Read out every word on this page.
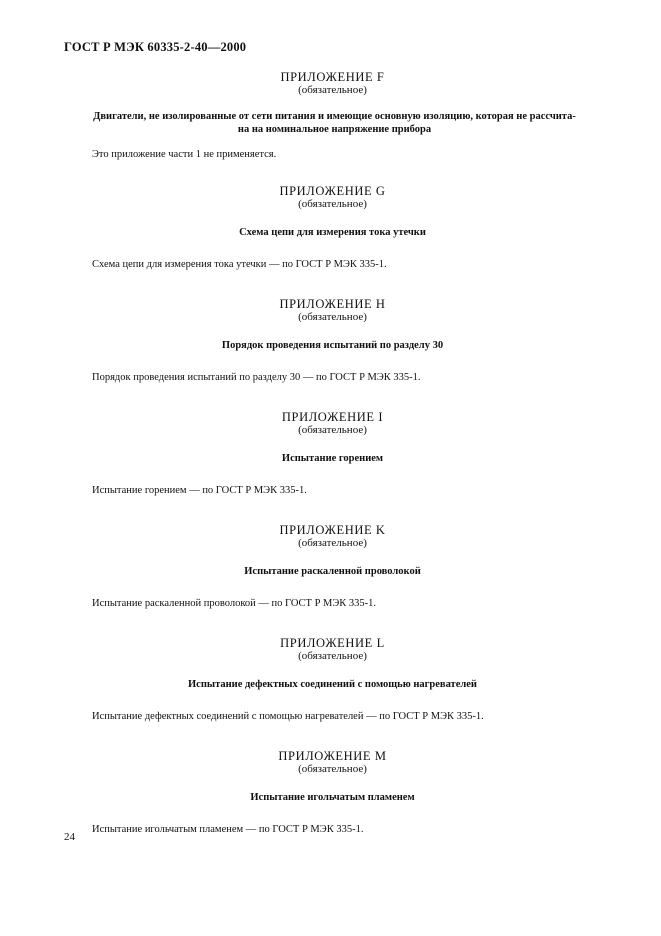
ГОСТ Р МЭК 60335-2-40—2000
ПРИЛОЖЕНИЕ F
(обязательное)
Двигатели, не изолированные от сети питания и имеющие основную изоляцию, которая не рассчита-
на на номинальное напряжение прибора
Это приложение части 1 не применяется.
ПРИЛОЖЕНИЕ G
(обязательное)
Схема цепи для измерения тока утечки
Схема цепи для измерения тока утечки — по ГОСТ Р МЭК 335-1.
ПРИЛОЖЕНИЕ H
(обязательное)
Порядок проведения испытаний по разделу 30
Порядок проведения испытаний по разделу 30 — по ГОСТ Р МЭК 335-1.
ПРИЛОЖЕНИЕ I
(обязательное)
Испытание горением
Испытание горением — по ГОСТ Р МЭК 335-1.
ПРИЛОЖЕНИЕ K
(обязательное)
Испытание раскаленной проволокой
Испытание раскаленной проволокой — по ГОСТ Р МЭК 335-1.
ПРИЛОЖЕНИЕ L
(обязательное)
Испытание дефектных соединений с помощью нагревателей
Испытание дефектных соединений с помощью нагревателей — по ГОСТ Р МЭК 335-1.
ПРИЛОЖЕНИЕ M
(обязательное)
Испытание игольчатым пламенем
Испытание игольчатым пламенем — по ГОСТ Р МЭК 335-1.
24
